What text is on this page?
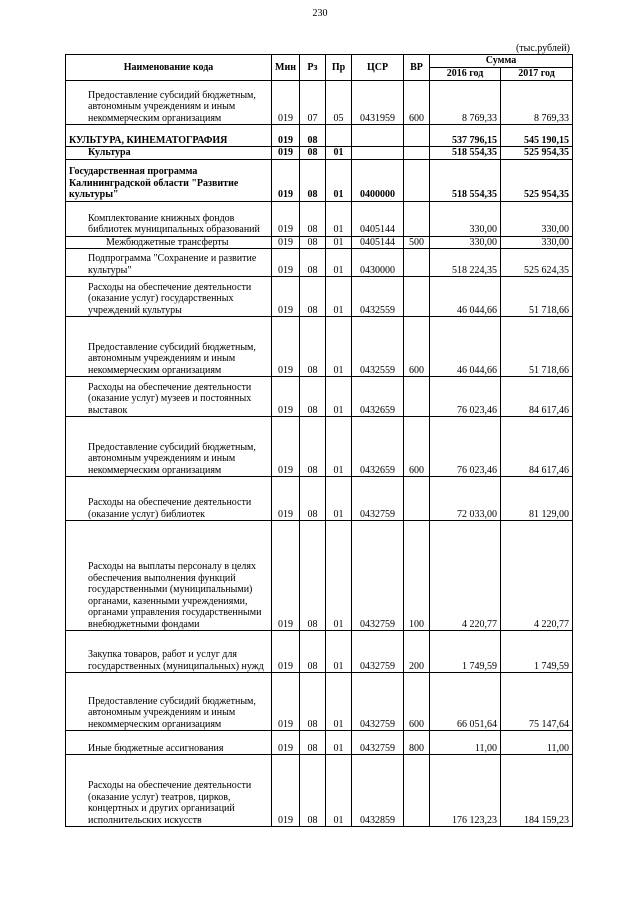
230
(тыс.рублей)
Наименование кода	Мин	Рз	Пр	ЦСР	ВР	Сумма	
						2016 год	2017 год
Предоставление субсидий бюджетным, автономным учреждениям и иным некоммерческим организациям	019	07	05	0431959	600	8 769,33	8 769,33
КУЛЬТУРА, КИНЕМАТОГРАФИЯ	019	08				537 796,15	545 190,15
Культура	019	08	01			518 554,35	525 954,35
Государственная программа Калининградской области "Развитие культуры"	019	08	01	0400000		518 554,35	525 954,35
Комплектование книжных фондов библиотек муниципальных образований	019	08	01	0405144		330,00	330,00
Межбюджетные трансферты	019	08	01	0405144	500	330,00	330,00
Подпрограмма "Сохранение и развитие культуры"	019	08	01	0430000		518 224,35	525 624,35
Расходы на обеспечение деятельности (оказание услуг) государственных учреждений культуры	019	08	01	0432559		46 044,66	51 718,66
Предоставление субсидий бюджетным, автономным учреждениям и иным некоммерческим организациям	019	08	01	0432559	600	46 044,66	51 718,66
Расходы на обеспечение деятельности (оказание услуг) музеев и постоянных выставок	019	08	01	0432659		76 023,46	84 617,46
Предоставление субсидий бюджетным, автономным учреждениям и иным некоммерческим организациям	019	08	01	0432659	600	76 023,46	84 617,46
Расходы на обеспечение деятельности (оказание услуг) библиотек	019	08	01	0432759		72 033,00	81 129,00
Расходы на выплаты персоналу в целях обеспечения выполнения функций государственными (муниципальными) органами, казенными учреждениями, органами управления государственными внебюджетными фондами	019	08	01	0432759	100	4 220,77	4 220,77
Закупка товаров, работ и услуг для государственных (муниципальных) нужд	019	08	01	0432759	200	1 749,59	1 749,59
Предоставление субсидий бюджетным, автономным учреждениям и иным некоммерческим организациям	019	08	01	0432759	600	66 051,64	75 147,64
Иные бюджетные ассигнования	019	08	01	0432759	800	11,00	11,00
Расходы на обеспечение деятельности (оказание услуг) театров, цирков, концертных и других организаций исполнительских искусств	019	08	01	0432859		176 123,23	184 159,23
